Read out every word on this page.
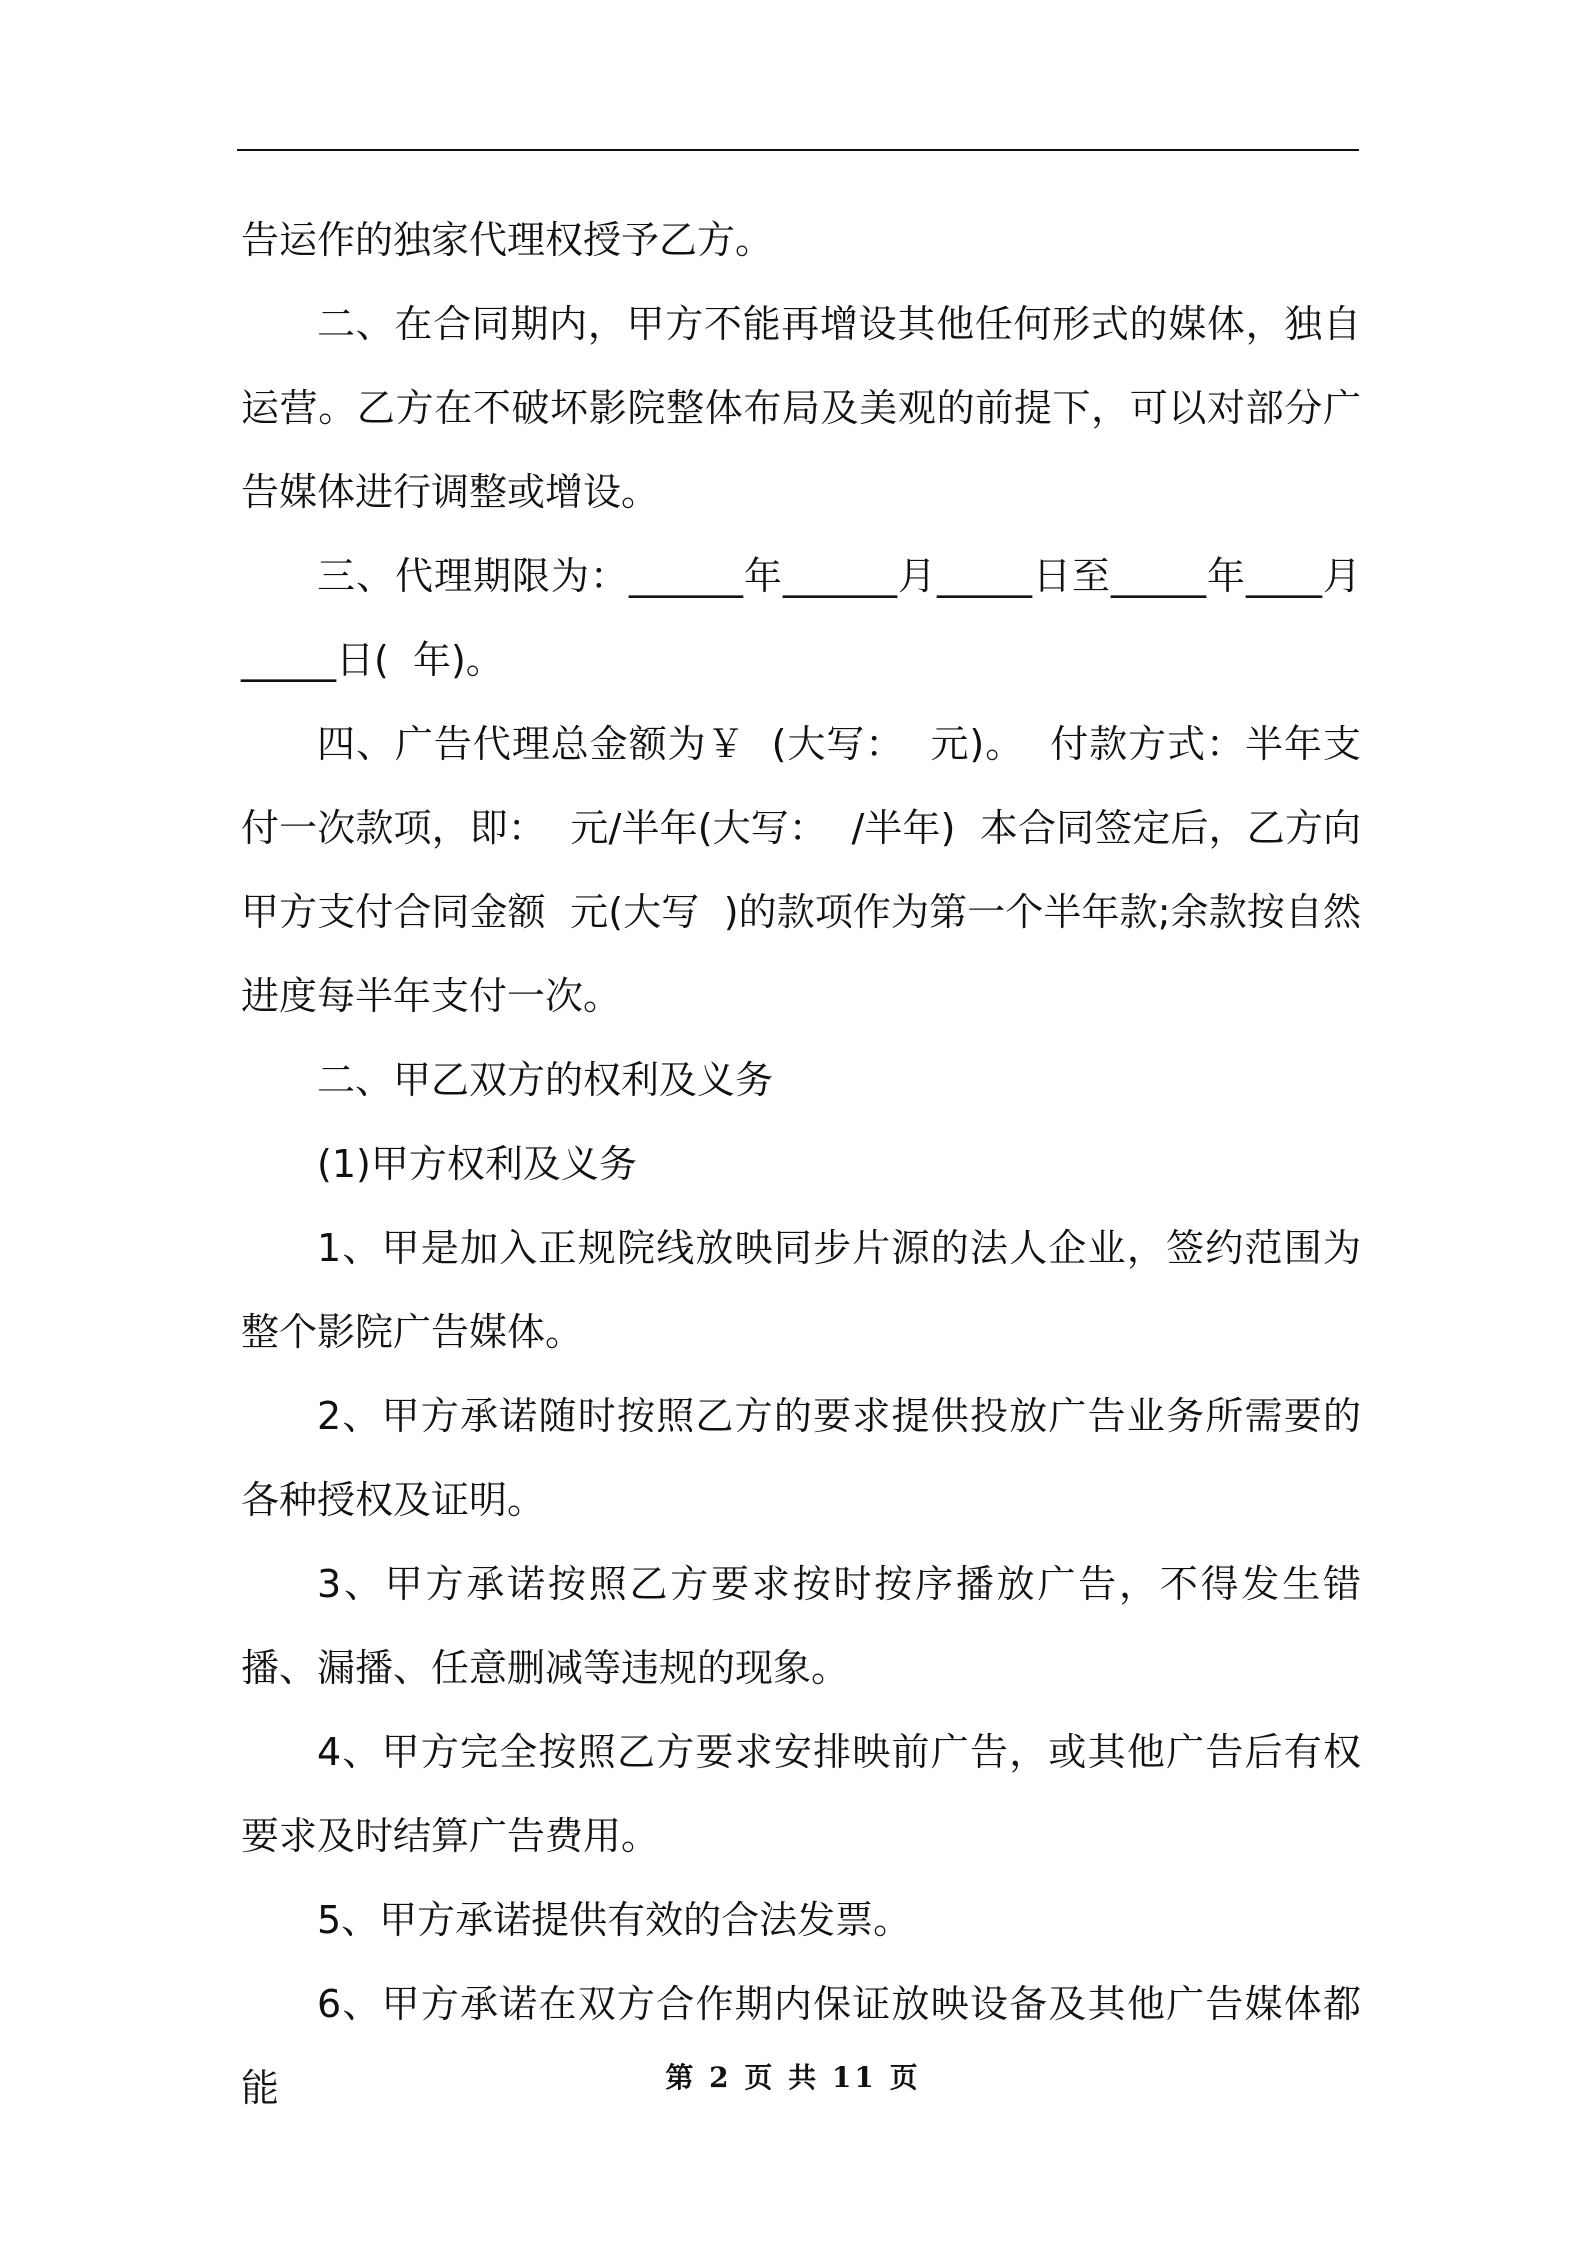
告运作的独家代理权授予乙方。

二、在合同期内，甲方不能再增设其他任何形式的媒体，独自运营。乙方在不破坏影院整体布局及美观的前提下，可以对部分广告媒体进行调整或增设。

三、代理期限为：______年______月_____日至_____年____月_____日(  年)。

四、广告代理总金额为￥  (大写：  元)。  付款方式：半年支付一次款项，即：  元/半年(大写：  /半年)  本合同签定后，乙方向甲方支付合同金额  元(大写  )的款项作为第一个半年款;余款按自然进度每半年支付一次。

二、甲乙双方的权利及义务

(1)甲方权利及义务

1、甲是加入正规院线放映同步片源的法人企业，签约范围为整个影院广告媒体。

2、甲方承诺随时按照乙方的要求提供投放广告业务所需要的各种授权及证明。

3、甲方承诺按照乙方要求按时按序播放广告，不得发生错播、漏播、任意删减等违规的现象。

4、甲方完全按照乙方要求安排映前广告，或其他广告后有权要求及时结算广告费用。

5、甲方承诺提供有效的合法发票。

6、甲方承诺在双方合作期内保证放映设备及其他广告媒体都能	第 2 页 共 11 页
